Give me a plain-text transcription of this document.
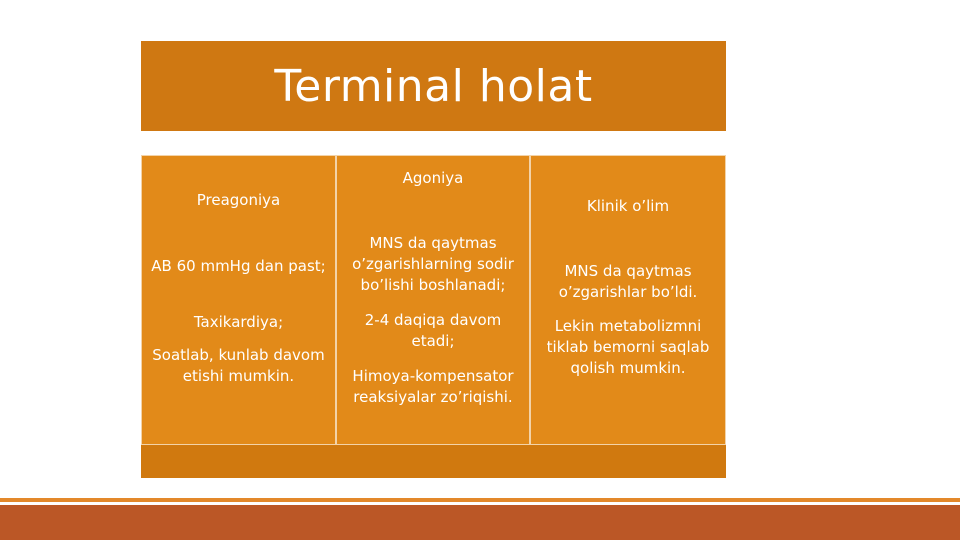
Terminal holat

Preagoniya

AB 60 mmHg dan past;

Taxikardiya;

Soatlab, kunlab davom etishi mumkin.

Agoniya

MNS da qaytmas o’zgarishlarning sodir bo’lishi boshlanadi;

2-4 daqiqa davom etadi;

Himoya-kompensator reaksiyalar zo’riqishi.

Klinik o’lim

MNS da qaytmas o’zgarishlar bo’ldi.

Lekin metabolizmni tiklab bemorni saqlab qolish mumkin.
